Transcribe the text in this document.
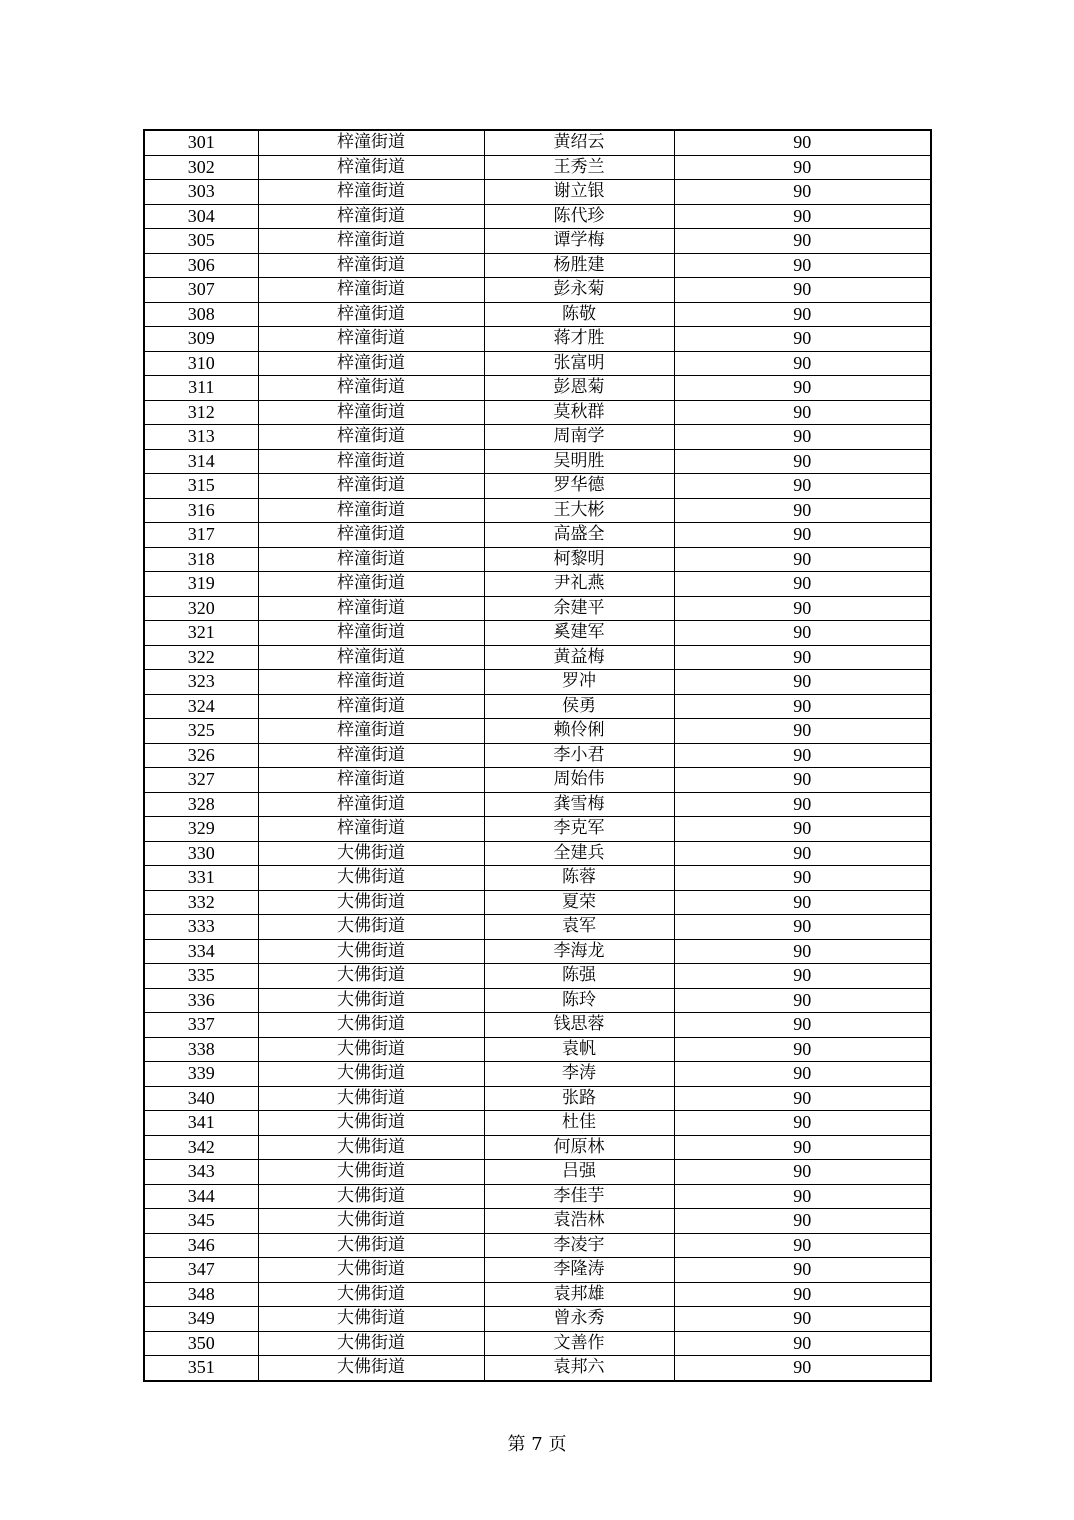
301	梓潼街道	黄绍云	90
302	梓潼街道	王秀兰	90
303	梓潼街道	谢立银	90
304	梓潼街道	陈代珍	90
305	梓潼街道	谭学梅	90
306	梓潼街道	杨胜建	90
307	梓潼街道	彭永菊	90
308	梓潼街道	陈敬	90
309	梓潼街道	蒋才胜	90
310	梓潼街道	张富明	90
311	梓潼街道	彭恩菊	90
312	梓潼街道	莫秋群	90
313	梓潼街道	周南学	90
314	梓潼街道	吴明胜	90
315	梓潼街道	罗华德	90
316	梓潼街道	王大彬	90
317	梓潼街道	高盛全	90
318	梓潼街道	柯黎明	90
319	梓潼街道	尹礼燕	90
320	梓潼街道	余建平	90
321	梓潼街道	奚建军	90
322	梓潼街道	黄益梅	90
323	梓潼街道	罗冲	90
324	梓潼街道	侯勇	90
325	梓潼街道	赖伶俐	90
326	梓潼街道	李小君	90
327	梓潼街道	周始伟	90
328	梓潼街道	龚雪梅	90
329	梓潼街道	李克军	90
330	大佛街道	全建兵	90
331	大佛街道	陈蓉	90
332	大佛街道	夏荣	90
333	大佛街道	袁军	90
334	大佛街道	李海龙	90
335	大佛街道	陈强	90
336	大佛街道	陈玲	90
337	大佛街道	钱思蓉	90
338	大佛街道	袁帆	90
339	大佛街道	李涛	90
340	大佛街道	张路	90
341	大佛街道	杜佳	90
342	大佛街道	何原林	90
343	大佛街道	吕强	90
344	大佛街道	李佳芋	90
345	大佛街道	袁浩林	90
346	大佛街道	李凌宇	90
347	大佛街道	李隆涛	90
348	大佛街道	袁邦雄	90
349	大佛街道	曾永秀	90
350	大佛街道	文善作	90
351	大佛街道	袁邦六	90
第 7 页
